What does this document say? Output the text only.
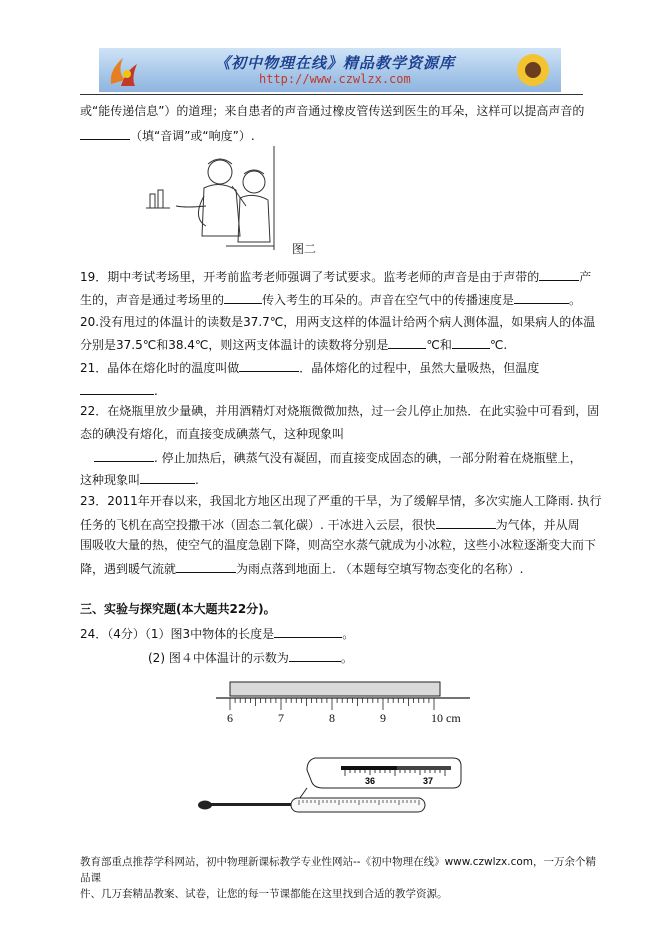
《初中物理在线》精品教学资源库
http://www.czwlzx.com
或“能传递信息”）的道理；来自患者的声音通过橡皮管传送到医生的耳朵，这样可以提高声音的
（填“音调”或“响度”）.
图二
19．期中考试考场里，开考前监考老师强调了考试要求。监考老师的声音是由于声带的	产
生的，声音是通过考场里的	传入考生的耳朵的。声音在空气中的传播速度是	。
20.没有甩过的体温计的读数是37.7℃，用两支这样的体温计给两个病人测体温，如果病人的体温
分别是37.5℃和38.4℃，则这两支体温计的读数将分别是	℃和	℃.
21．晶体在熔化时的温度叫做	．晶体熔化的过程中，虽然大量吸热，但温度
.
22．在烧瓶里放少量碘，并用酒精灯对烧瓶微微加热，过一会儿停止加热．在此实验中可看到，固
态的碘没有熔化，而直接变成碘蒸气，这种现象叫
. 停止加热后，碘蒸气没有凝固，而直接变成固态的碘，一部分附着在烧瓶壁上，
这种现象叫	.
23．2011年开春以来，我国北方地区出现了严重的干旱，为了缓解旱情，多次实施人工降雨. 执行
任务的飞机在高空投撒干冰（固态二氧化碳）. 干冰进入云层，很快	为气体，并从周
围吸收大量的热，使空气的温度急剧下降，则高空水蒸气就成为小冰粒，这些小冰粒逐渐变大而下
降，遇到暖气流就	为雨点落到地面上. （本题每空填写物态变化的名称）.
三、实验与探究题(本大题共22分)。
24．（4分）（1）图3中物体的长度是	。
(2) 图４中体温计的示数为	。
6	7	8	9	10 cm
36	37
教育部重点推荐学科网站，初中物理新课标教学专业性网站--《初中物理在线》www.czwlzx.com，一万余个精品课
件、几万套精品教案、试卷，让您的每一节课都能在这里找到合适的教学资源。
